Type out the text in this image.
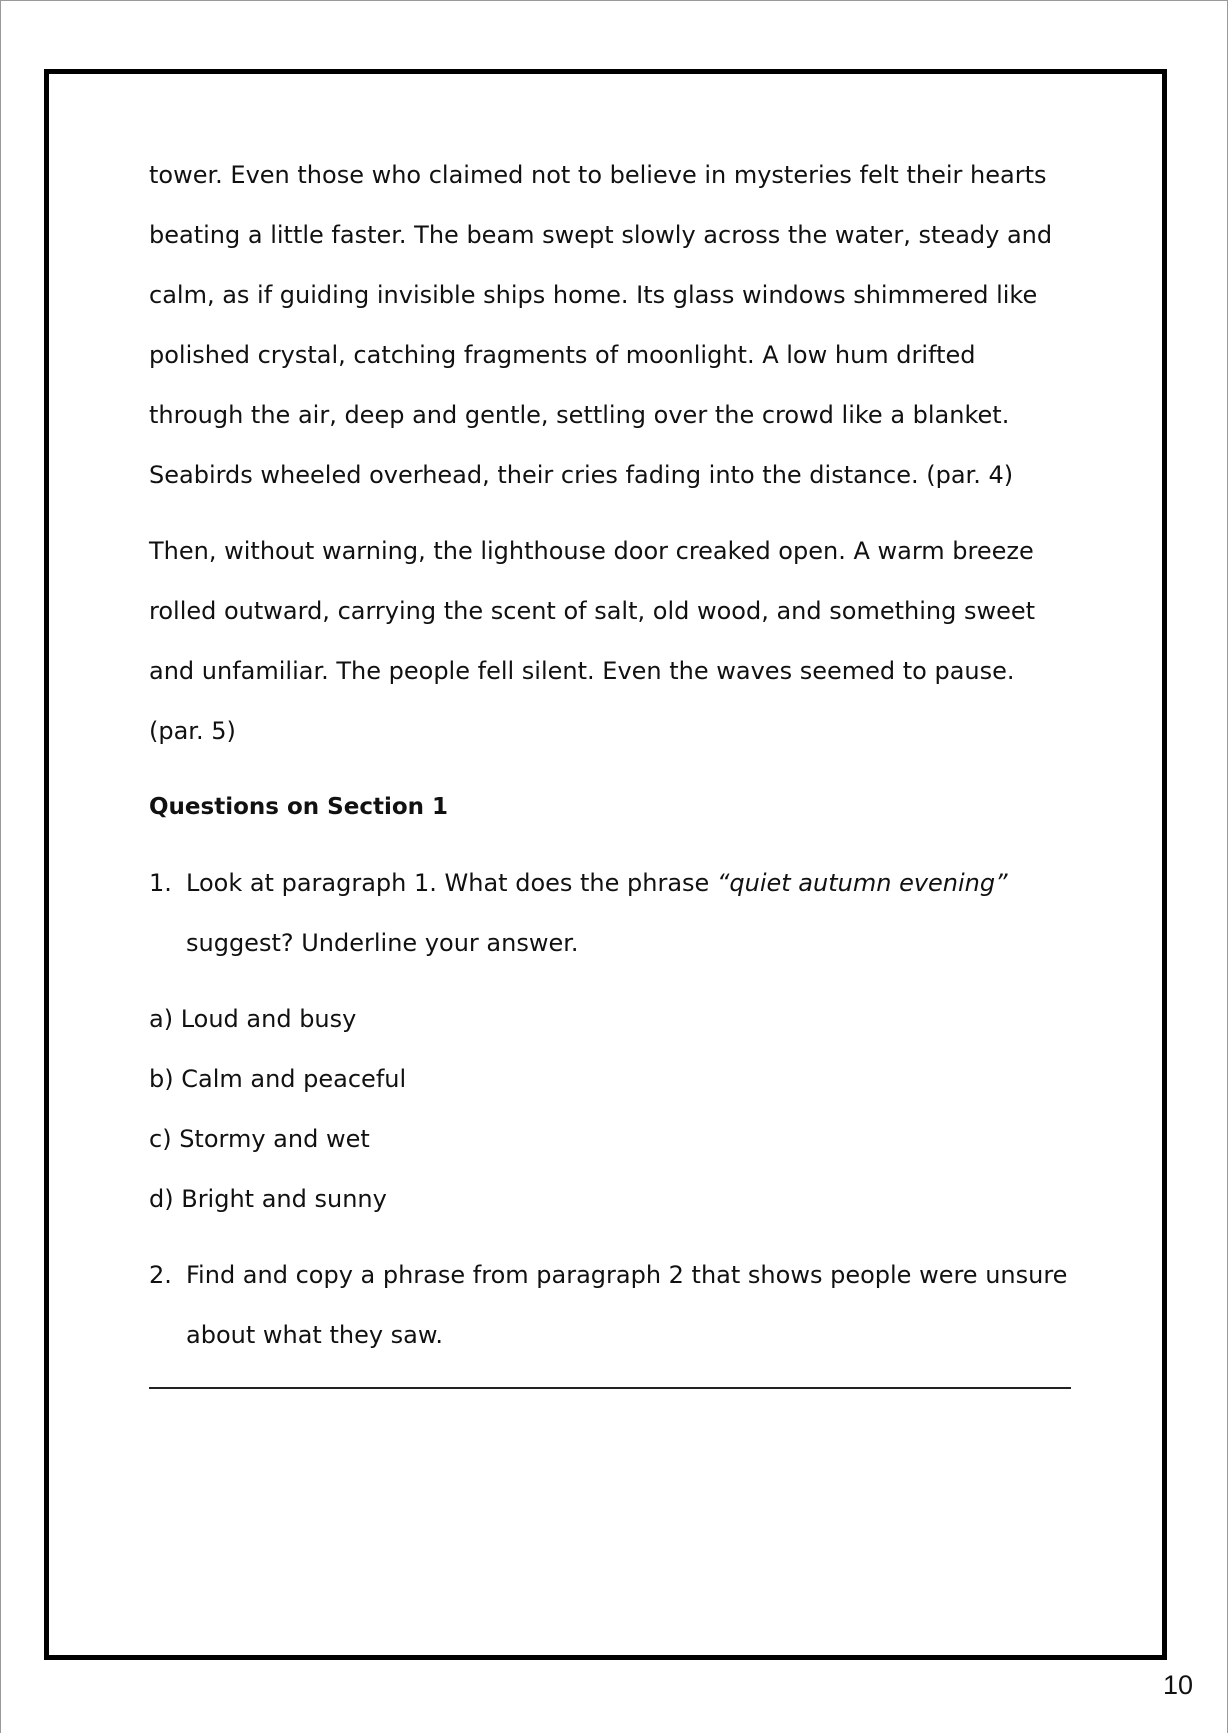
tower. Even those who claimed not to believe in mysteries felt their hearts beating a little faster. The beam swept slowly across the water, steady and calm, as if guiding invisible ships home. Its glass windows shimmered like polished crystal, catching fragments of moonlight. A low hum drifted through the air, deep and gentle, settling over the crowd like a blanket. Seabirds wheeled overhead, their cries fading into the distance. (par. 4)

Then, without warning, the lighthouse door creaked open. A warm breeze rolled outward, carrying the scent of salt, old wood, and something sweet and unfamiliar. The people fell silent. Even the waves seemed to pause. (par. 5)

Questions on Section 1
1. Look at paragraph 1. What does the phrase “quiet autumn evening” suggest? Underline your answer.
a) Loud and busy
b) Calm and peaceful
c) Stormy and wet
d) Bright and sunny
2. Find and copy a phrase from paragraph 2 that shows people were unsure about what they saw.
10
